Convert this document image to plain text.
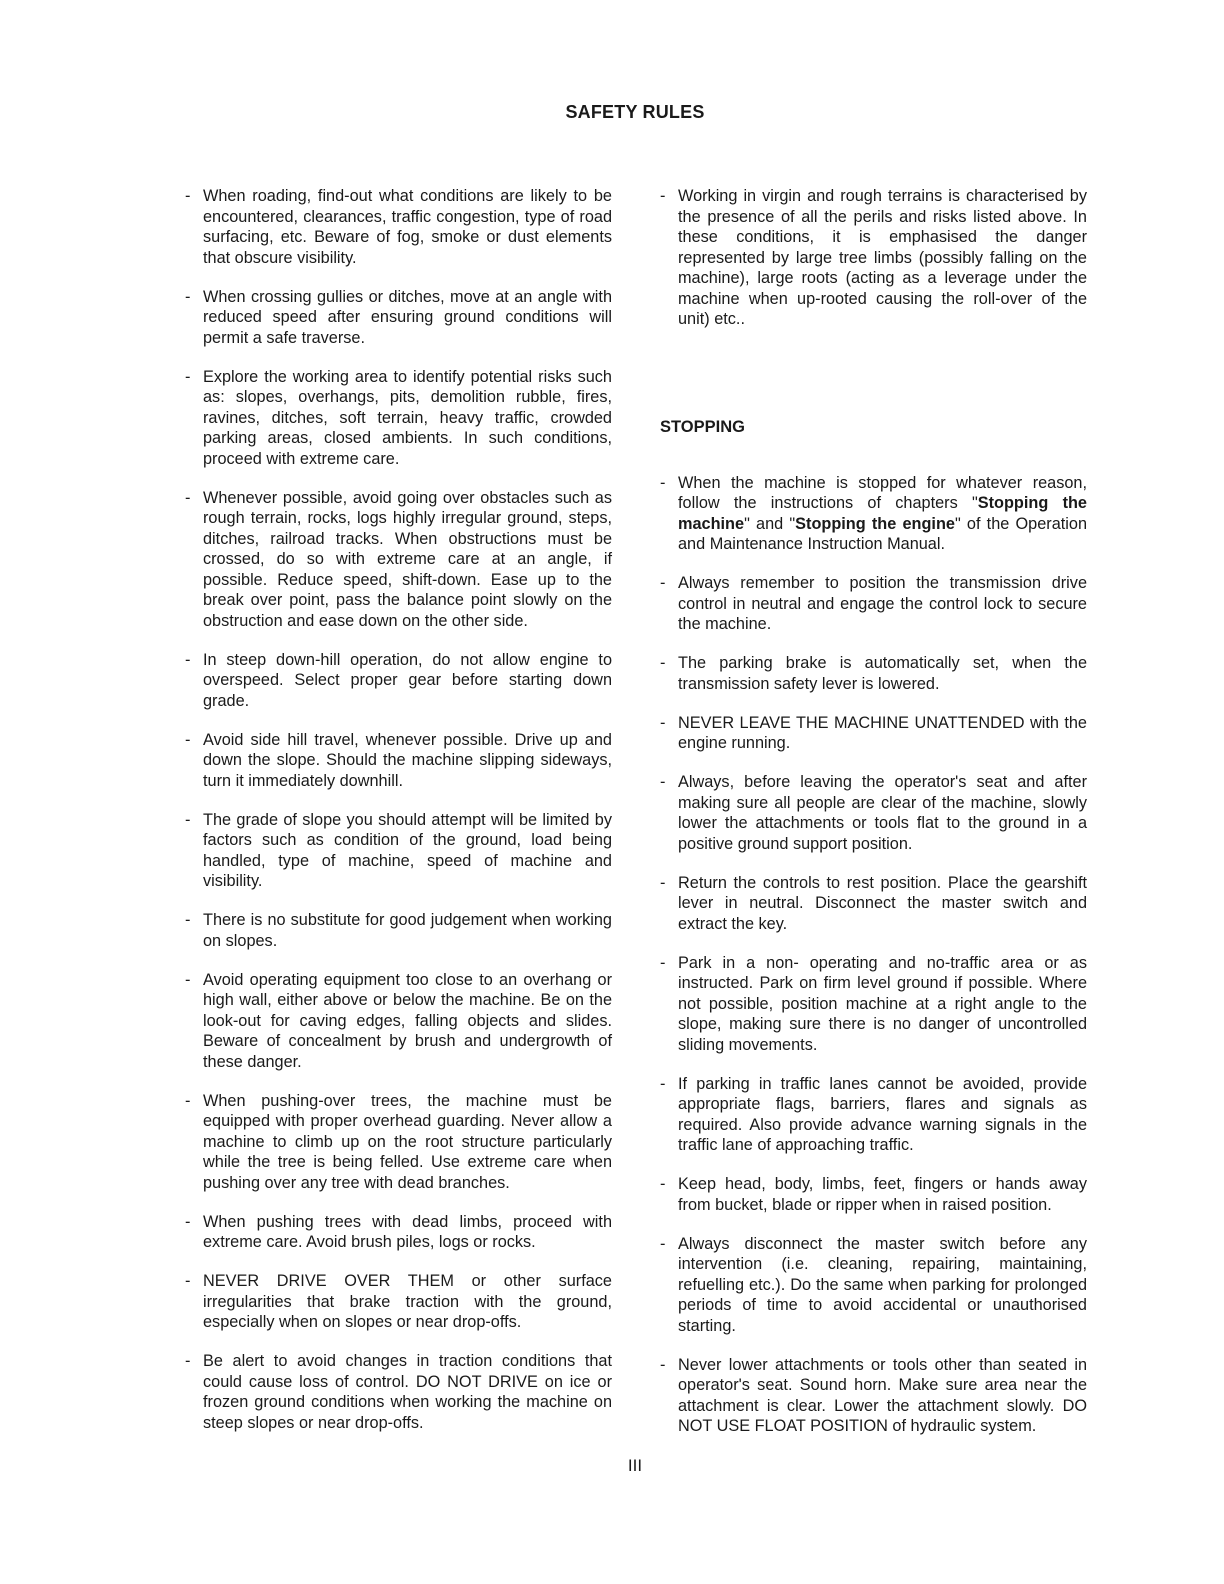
SAFETY RULES
- When roading, find-out what conditions are likely to be encountered, clearances, traffic congestion, type of road surfacing, etc. Beware of fog, smoke or dust elements that obscure visibility.
- When crossing gullies or ditches, move at an angle with reduced speed after ensuring ground conditions will permit a safe traverse.
- Explore the working area to identify potential risks such as: slopes, overhangs, pits, demolition rubble, fires, ravines, ditches, soft terrain, heavy traffic, crowded parking areas, closed ambients. In such conditions, proceed with extreme care.
- Whenever possible, avoid going over obstacles such as rough terrain, rocks, logs highly irregular ground, steps, ditches, railroad tracks. When obstructions must be crossed, do so with extreme care at an angle, if possible. Reduce speed, shift-down. Ease up to the break over point, pass the balance point slowly on the obstruction and ease down on the other side.
- In steep down-hill operation, do not allow engine to overspeed. Select proper gear before starting down grade.
- Avoid side hill travel, whenever possible. Drive up and down the slope. Should the machine slipping sideways, turn it immediately downhill.
- The grade of slope you should attempt will be limited by factors such as condition of the ground, load being handled, type of machine, speed of machine and visibility.
- There is no substitute for good judgement when working on slopes.
- Avoid operating equipment too close to an overhang or high wall, either above or below the machine. Be on the look-out for caving edges, falling objects and slides. Beware of concealment by brush and undergrowth of these danger.
- When pushing-over trees, the machine must be equipped with proper overhead guarding. Never allow a machine to climb up on the root structure particularly while the tree is being felled. Use extreme care when pushing over any tree with dead branches.
- When pushing trees with dead limbs, proceed with extreme care. Avoid brush piles, logs or rocks.
- NEVER DRIVE OVER THEM or other surface irregularities that brake traction with the ground, especially when on slopes or near drop-offs.
- Be alert to avoid changes in traction conditions that could cause loss of control. DO NOT DRIVE on ice or frozen ground conditions when working the machine on steep slopes or near drop-offs.
- Working in virgin and rough terrains is characterised by the presence of all the perils and risks listed above. In these conditions, it is emphasised the danger represented by large tree limbs (possibly falling on the machine), large roots (acting as a leverage under the machine when up-rooted causing the roll-over of the unit) etc..
STOPPING
- When the machine is stopped for whatever reason, follow the instructions of chapters "Stopping the machine" and "Stopping the engine" of the Operation and Maintenance Instruction Manual.
- Always remember to position the transmission drive control in neutral and engage the control lock to secure the machine.
- The parking brake is automatically set, when the transmission safety lever is lowered.
- NEVER LEAVE THE MACHINE UNATTENDED with the engine running.
- Always, before leaving the operator's seat and after making sure all people are clear of the machine, slowly lower the attachments or tools flat to the ground in a positive ground support position.
- Return the controls to rest position. Place the gearshift lever in neutral. Disconnect the master switch and extract the key.
- Park in a non- operating and no-traffic area or as instructed. Park on firm level ground if possible. Where not possible, position machine at a right angle to the slope, making sure there is no danger of uncontrolled sliding movements.
- If parking in traffic lanes cannot be avoided, provide appropriate flags, barriers, flares and signals as required. Also provide advance warning signals in the traffic lane of approaching traffic.
- Keep head, body, limbs, feet, fingers or hands away from bucket, blade or ripper when in raised position.
- Always disconnect the master switch before any intervention (i.e. cleaning, repairing, maintaining, refuelling etc.). Do the same when parking for prolonged periods of time to avoid accidental or unauthorised starting.
- Never lower attachments or tools other than seated in operator's seat. Sound horn. Make sure area near the attachment is clear. Lower the attachment slowly. DO NOT USE FLOAT POSITION of hydraulic system.
III
